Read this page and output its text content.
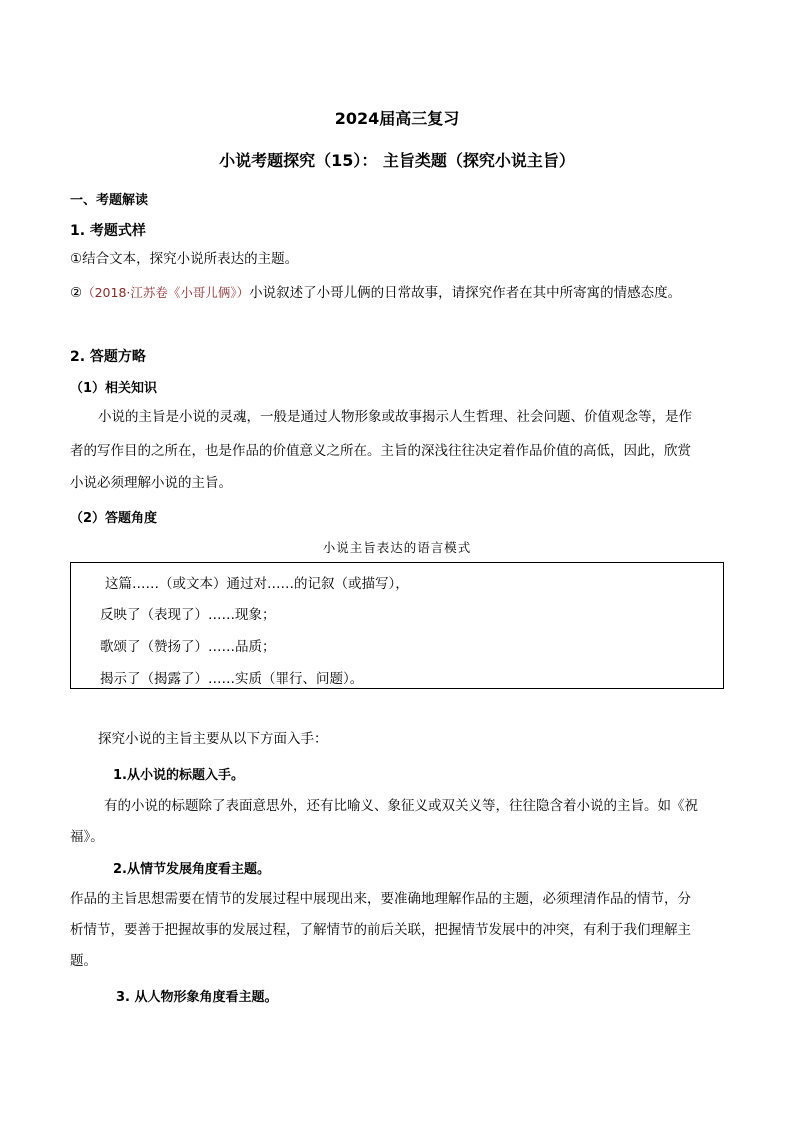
2024届高三复习
小说考题探究（15）： 主旨类题（探究小说主旨）
一、考题解读
1. 考题式样
①结合文本，探究小说所表达的主题。
②（2018·江苏卷《小哥儿俩》）小说叙述了小哥儿俩的日常故事，请探究作者在其中所寄寓的情感态度。
2. 答题方略
（1）相关知识
小说的主旨是小说的灵魂，一般是通过人物形象或故事揭示人生哲理、社会问题、价值观念等，是作
者的写作目的之所在，也是作品的价值意义之所在。主旨的深浅往往决定着作品价值的高低，因此，欣赏
小说必须理解小说的主旨。
（2）答题角度
小说主旨表达的语言模式
这篇……（或文本）通过对……的记叙（或描写），
反映了（表现了）……现象；
歌颂了（赞扬了）……品质；
揭示了（揭露了）……实质（罪行、问题）。
探究小说的主旨主要从以下方面入手：
1.从小说的标题入手。
有的小说的标题除了表面意思外，还有比喻义、象征义或双关义等，往往隐含着小说的主旨。如《祝
福》。
2.从情节发展角度看主题。
作品的主旨思想需要在情节的发展过程中展现出来，要准确地理解作品的主题，必须理清作品的情节，分
析情节，要善于把握故事的发展过程，了解情节的前后关联，把握情节发展中的冲突，有利于我们理解主
题。
3. 从人物形象角度看主题。
